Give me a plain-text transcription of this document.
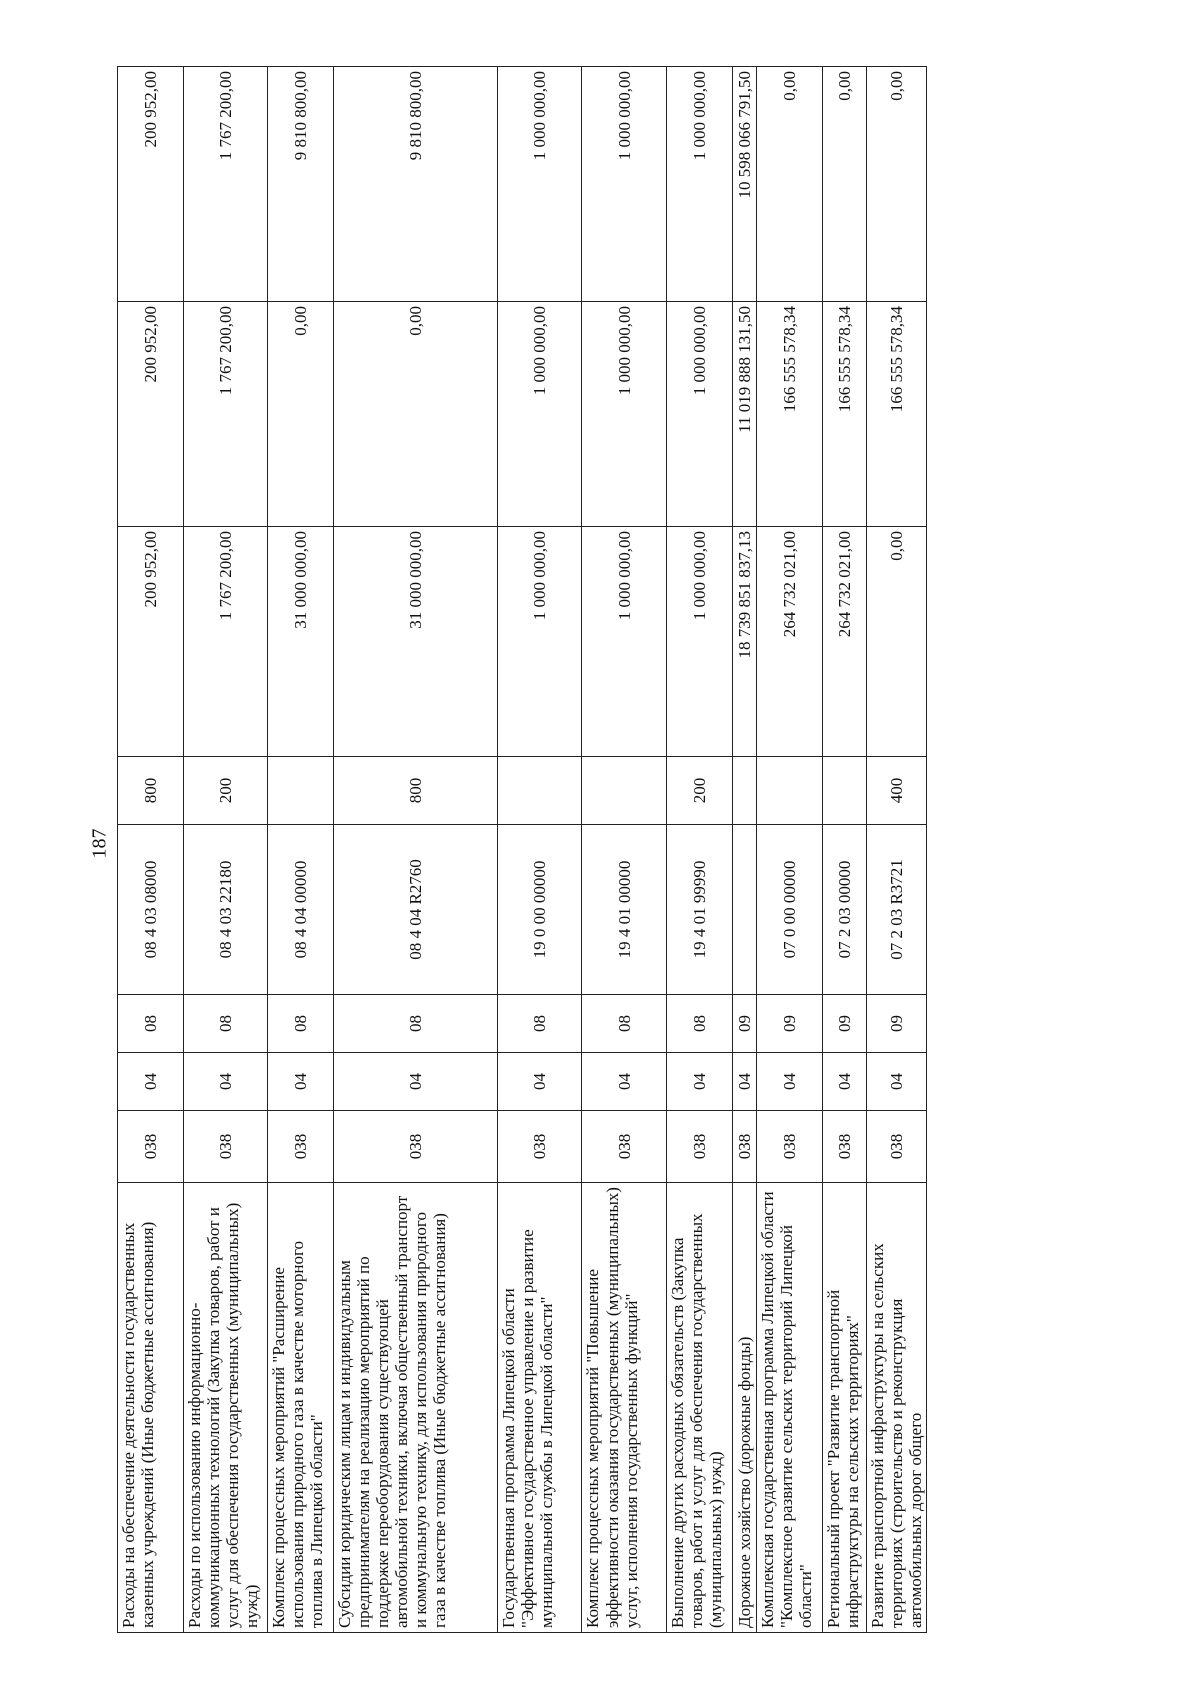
187
Расходы на обеспечение деятельности государственных казенных учреждений (Иные бюджетные ассигнования)	038	04	08	08 4 03 08000	800	200 952,00	200 952,00	200 952,00
Расходы по использованию информационно-коммуникационных технологий (Закупка товаров, работ и услуг для обеспечения государственных (муниципальных) нужд)	038	04	08	08 4 03 22180	200	1 767 200,00	1 767 200,00	1 767 200,00
Комплекс процессных мероприятий "Расширение использования природного газа в качестве моторного топлива в Липецкой области"	038	04	08	08 4 04 00000		31 000 000,00	0,00	9 810 800,00
Субсидии юридическим лицам и индивидуальным предпринимателям на реализацию мероприятий по поддержке переоборудования существующей автомобильной техники, включая общественный транспорт и коммунальную технику, для использования природного газа в качестве топлива (Иные бюджетные ассигнования)	038	04	08	08 4 04 R2760	800	31 000 000,00	0,00	9 810 800,00
Государственная программа Липецкой области "Эффективное государственное управление и развитие муниципальной службы в Липецкой области"	038	04	08	19 0 00 00000		1 000 000,00	1 000 000,00	1 000 000,00
Комплекс процессных мероприятий "Повышение эффективности оказания государственных (муниципальных) услуг, исполнения государственных функций"	038	04	08	19 4 01 00000		1 000 000,00	1 000 000,00	1 000 000,00
Выполнение других расходных обязательств (Закупка товаров, работ и услуг для обеспечения государственных (муниципальных) нужд)	038	04	08	19 4 01 99990	200	1 000 000,00	1 000 000,00	1 000 000,00
Дорожное хозяйство (дорожные фонды)	038	04	09			18 739 851 837,13	11 019 888 131,50	10 598 066 791,50
Комплексная государственная программа Липецкой области "Комплексное развитие сельских территорий Липецкой области"	038	04	09	07 0 00 00000		264 732 021,00	166 555 578,34	0,00
Региональный проект "Развитие транспортной инфраструктуры на сельских территориях"	038	04	09	07 2 03 00000		264 732 021,00	166 555 578,34	0,00
Развитие транспортной инфраструктуры на сельских территориях (строительство и реконструкция автомобильных дорог общего	038	04	09	07 2 03 R3721	400	0,00	166 555 578,34	0,00
